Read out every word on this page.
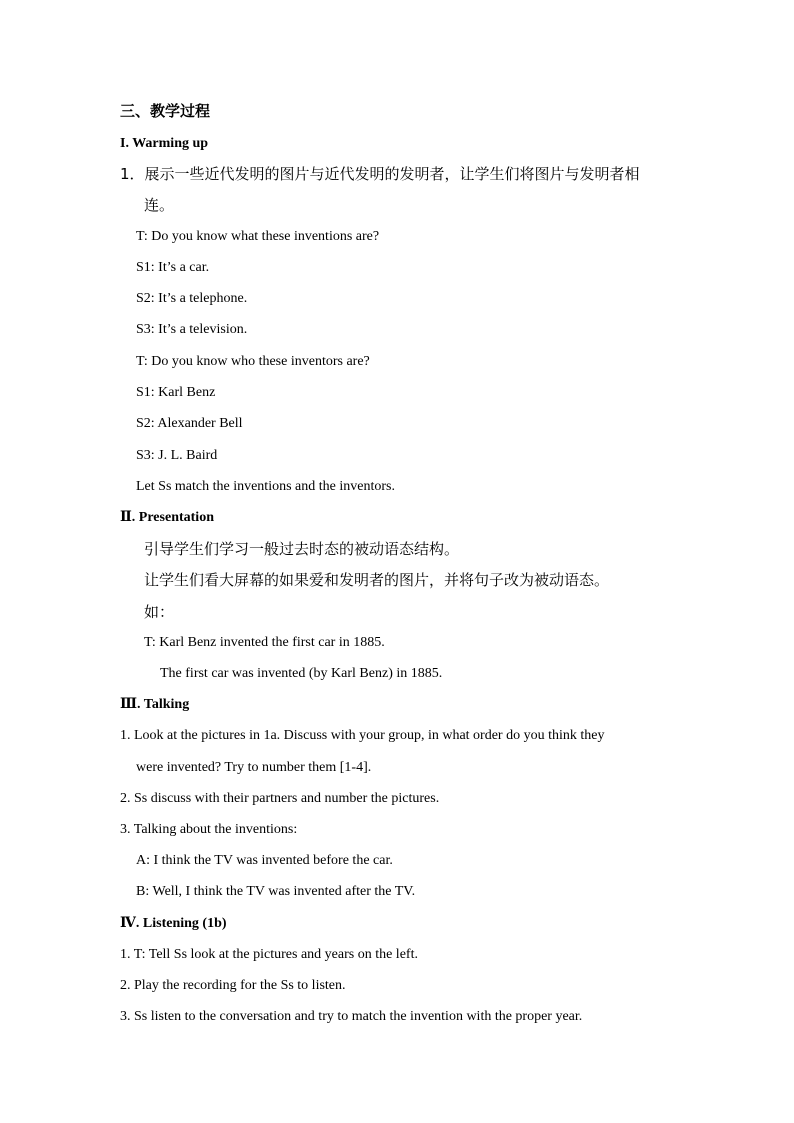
三、教学过程
I. Warming up
1．展示一些近代发明的图片与近代发明的发明者，让学生们将图片与发明者相
连。
T: Do you know what these inventions are?
S1: It’s a car.
S2: It’s a telephone.
S3: It’s a television.
T: Do you know who these inventors are?
S1: Karl Benz
S2: Alexander Bell
S3: J. L. Baird
Let Ss match the inventions and the inventors.
Ⅱ. Presentation
引导学生们学习一般过去时态的被动语态结构。
让学生们看大屏幕的如果爱和发明者的图片，并将句子改为被动语态。
如：
T: Karl Benz invented the first car in 1885.
The first car was invented (by Karl Benz) in 1885.
Ⅲ. Talking
1. Look at the pictures in 1a. Discuss with your group, in what order do you think they
were invented? Try to number them [1-4].
2. Ss discuss with their partners and number the pictures.
3. Talking about the inventions:
A: I think the TV was invented before the car.
B: Well, I think the TV was invented after the TV.
Ⅳ. Listening (1b)
1. T: Tell Ss look at the pictures and years on the left.
2. Play the recording for the Ss to listen.
3. Ss listen to the conversation and try to match the invention with the proper year.
